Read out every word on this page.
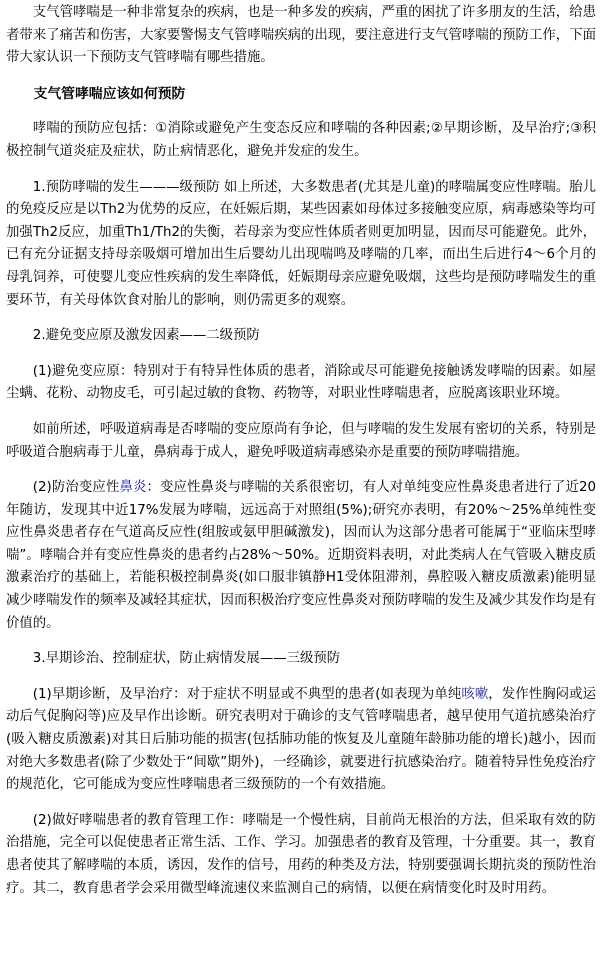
支气管哮喘是一种非常复杂的疾病，也是一种多发的疾病，严重的困扰了许多朋友的生活，给患者带来了痛苦和伤害，大家要警惕支气管哮喘疾病的出现，要注意进行支气管哮喘的预防工作，下面带大家认识一下预防支气管哮喘有哪些措施。

支气管哮喘应该如何预防

哮喘的预防应包括：①消除或避免产生变态反应和哮喘的各种因素;②早期诊断，及早治疗;③积极控制气道炎症及症状，防止病情恶化，避免并发症的发生。

1.预防哮喘的发生———级预防 如上所述，大多数患者(尤其是儿童)的哮喘属变应性哮喘。胎儿的免疫反应是以Th2为优势的反应，在妊娠后期，某些因素如母体过多接触变应原，病毒感染等均可加强Th2反应，加重Th1/Th2的失衡，若母亲为变应性体质者则更加明显，因而尽可能避免。此外，已有充分证据支持母亲吸烟可增加出生后婴幼儿出现喘鸣及哮喘的几率，而出生后进行4～6个月的母乳饲养，可使婴儿变应性疾病的发生率降低，妊娠期母亲应避免吸烟，这些均是预防哮喘发生的重要环节，有关母体饮食对胎儿的影响，则仍需更多的观察。

2.避免变应原及激发因素——二级预防

(1)避免变应原：特别对于有特异性体质的患者，消除或尽可能避免接触诱发哮喘的因素。如屋尘螨、花粉、动物皮毛，可引起过敏的食物、药物等，对职业性哮喘患者，应脱离该职业环境。

如前所述，呼吸道病毒是否哮喘的变应原尚有争论，但与哮喘的发生发展有密切的关系，特别是呼吸道合胞病毒于儿童，鼻病毒于成人，避免呼吸道病毒感染亦是重要的预防哮喘措施。

(2)防治变应性鼻炎：变应性鼻炎与哮喘的关系很密切，有人对单纯变应性鼻炎患者进行了近20年随访，发现其中近17%发展为哮喘，远远高于对照组(5%);研究亦表明，有20%～25%单纯性变应性鼻炎患者存在气道高反应性(组胺或氨甲胆碱激发)，因而认为这部分患者可能属于“亚临床型哮喘”。哮喘合并有变应性鼻炎的患者约占28%～50%。近期资料表明，对此类病人在气管吸入糖皮质激素治疗的基础上，若能积极控制鼻炎(如口服非镇静H1受体阻滞剂，鼻腔吸入糖皮质激素)能明显减少哮喘发作的频率及减轻其症状，因而积极治疗变应性鼻炎对预防哮喘的发生及减少其发作均是有价值的。

3.早期诊治、控制症状，防止病情发展——三级预防

(1)早期诊断，及早治疗：对于症状不明显或不典型的患者(如表现为单纯咳嗽，发作性胸闷或运动后气促胸闷等)应及早作出诊断。研究表明对于确诊的支气管哮喘患者，越早使用气道抗感染治疗(吸入糖皮质激素)对其日后肺功能的损害(包括肺功能的恢复及儿童随年龄肺功能的增长)越小，因而对绝大多数患者(除了少数处于“间歇”期外)，一经确诊，就要进行抗感染治疗。随着特异性免疫治疗的规范化，它可能成为变应性哮喘患者三级预防的一个有效措施。

(2)做好哮喘患者的教育管理工作：哮喘是一个慢性病，目前尚无根治的方法，但采取有效的防治措施，完全可以促使患者正常生活、工作、学习。加强患者的教育及管理，十分重要。其一，教育患者使其了解哮喘的本质，诱因，发作的信号，用药的种类及方法，特别要强调长期抗炎的预防性治疗。其二，教育患者学会采用微型峰流速仪来监测自己的病情，以便在病情变化时及时用药。
